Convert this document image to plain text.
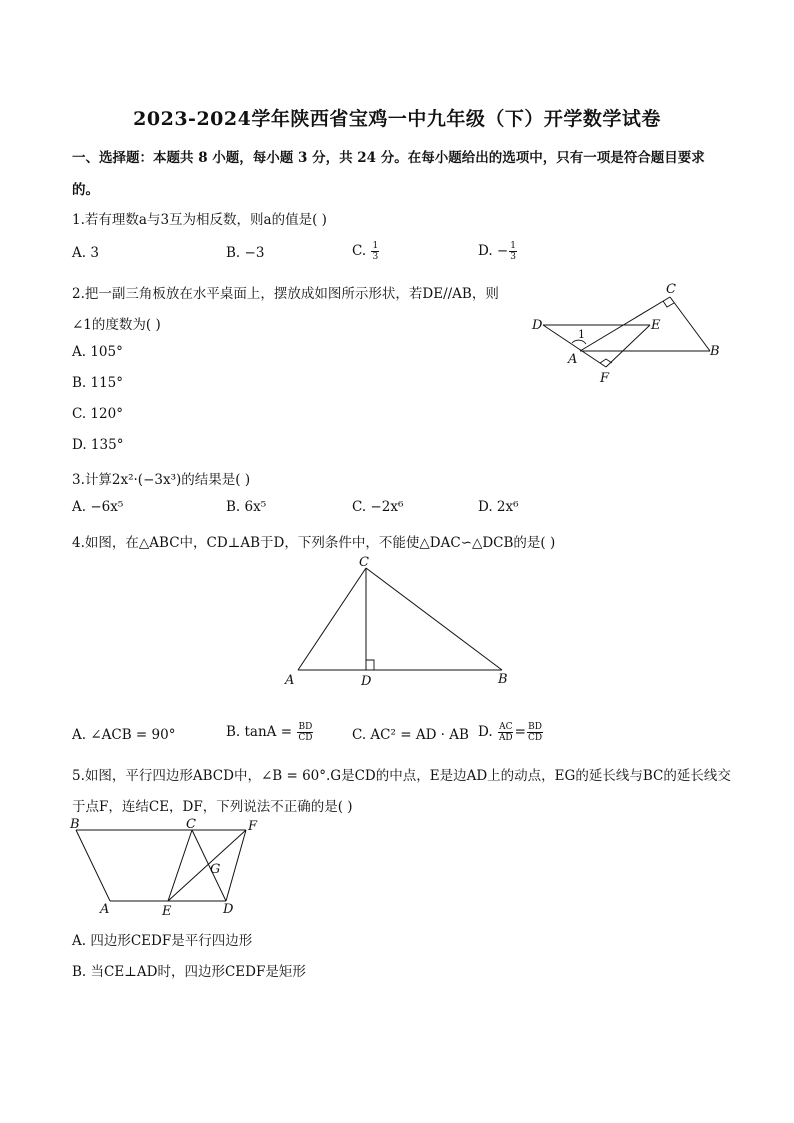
2023-2024学年陕西省宝鸡一中九年级（下）开学数学试卷
一、选择题：本题共 8 小题，每小题 3 分，共 24 分。在每小题给出的选项中，只有一项是符合题目要求
的。
1.若有理数a与3互为相反数，则a的值是( )
A. 3	B. −3	C. $\frac{1}{3}$	D. − $\frac{1}{3}$
2.把一副三角板放在水平桌面上，摆放成如图所示形状，若DE//AB，则
∠1的度数为( )
A. 105°
B. 115°
C. 120°
D. 135°
1
C
D	E
A
B
F
3.计算2x²·(−3x³)的结果是( )
A. −6x⁵	B. 6x⁵	C. −2x⁶	D. 2x⁶
4.如图，在△ABC中，CD⊥AB于D，下列条件中，不能使△DAC∽△DCB的是( )
C
A	D	B
A. ∠ACB = 90°	B. $\tan A = \frac{BD}{CD}$	C. AC² = AD · AB D. $\frac{AC}{AD} = \frac{BD}{CD}$
5.如图，平行四边形ABCD中，∠B = 60°.G是CD的中点，E是边AD上的动点，EG的延长线与BC的延长线交
于点F，连结CE，DF，下列说法不正确的是( )
B	C	F
G
A	E	D
A. 四边形CEDF是平行四边形
B. 当CE⊥AD时，四边形CEDF是矩形
